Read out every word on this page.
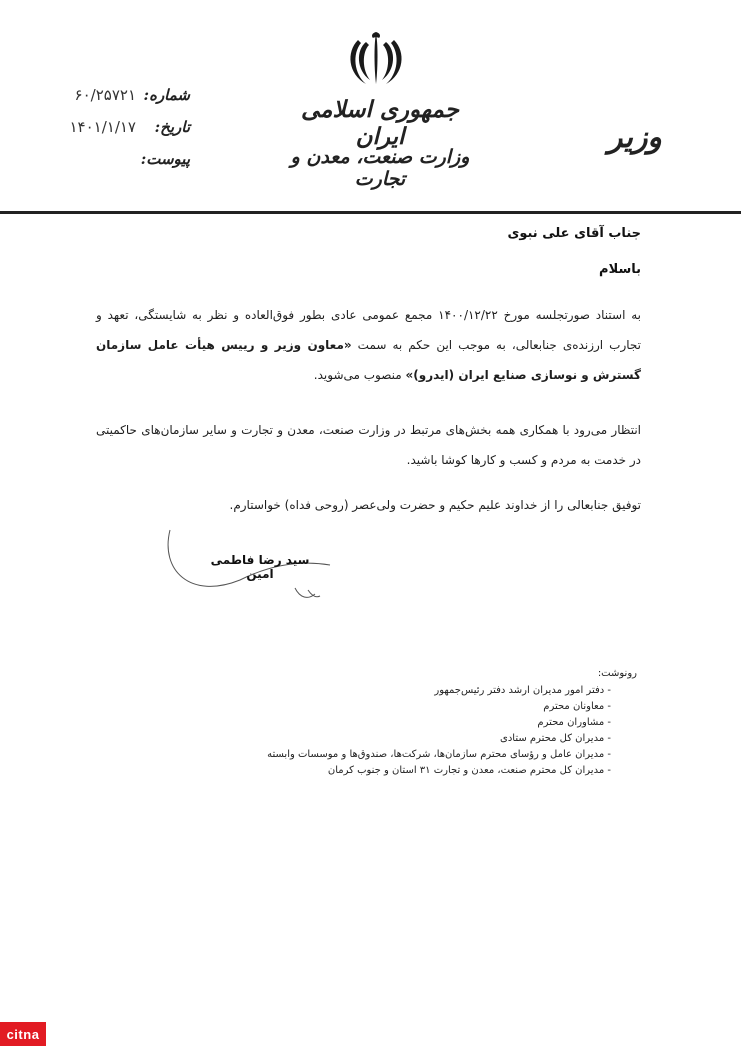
جمهوری اسلامی ایران
وزارت صنعت، معدن و تجارت
وزیر
شماره:
۶۰/۲۵۷۲۱
تاریخ:
۱۴۰۱/۱/۱۷
پیوست:
جناب آقای علی نبوی
باسلام
به استناد صورتجلسه مورخ ۱۴۰۰/۱۲/۲۲ مجمع عمومی عادی بطور فوق‌العاده و نظر به شایستگی، تعهد و تجارب ارزنده‌ی جنابعالی، به موجب این حکم به سمت «معاون وزیر و رییس هیأت عامل سازمان گسترش و نوسازی صنایع ایران (ایدرو)» منصوب می‌شوید.
انتظار می‌رود با همکاری همه بخش‌های مرتبط در وزارت صنعت، معدن و تجارت و سایر سازمان‌های حاکمیتی در خدمت به مردم و کسب و کارها کوشا باشید.
توفیق جنابعالی را از خداوند علیم حکیم و حضرت ولی‌عصر (روحی فداه) خواستارم.
سید رضا فاطمی امین
رونوشت:
- دفتر امور مدیران ارشد دفتر رئیس‌جمهور
- معاونان محترم
- مشاوران محترم
- مدیران کل محترم ستادی
- مدیران عامل و رؤسای محترم سازمان‌ها، شرکت‌ها، صندوق‌ها و موسسات وابسته
- مدیران کل محترم صنعت، معدن و تجارت ۳۱ استان و جنوب کرمان
citna
